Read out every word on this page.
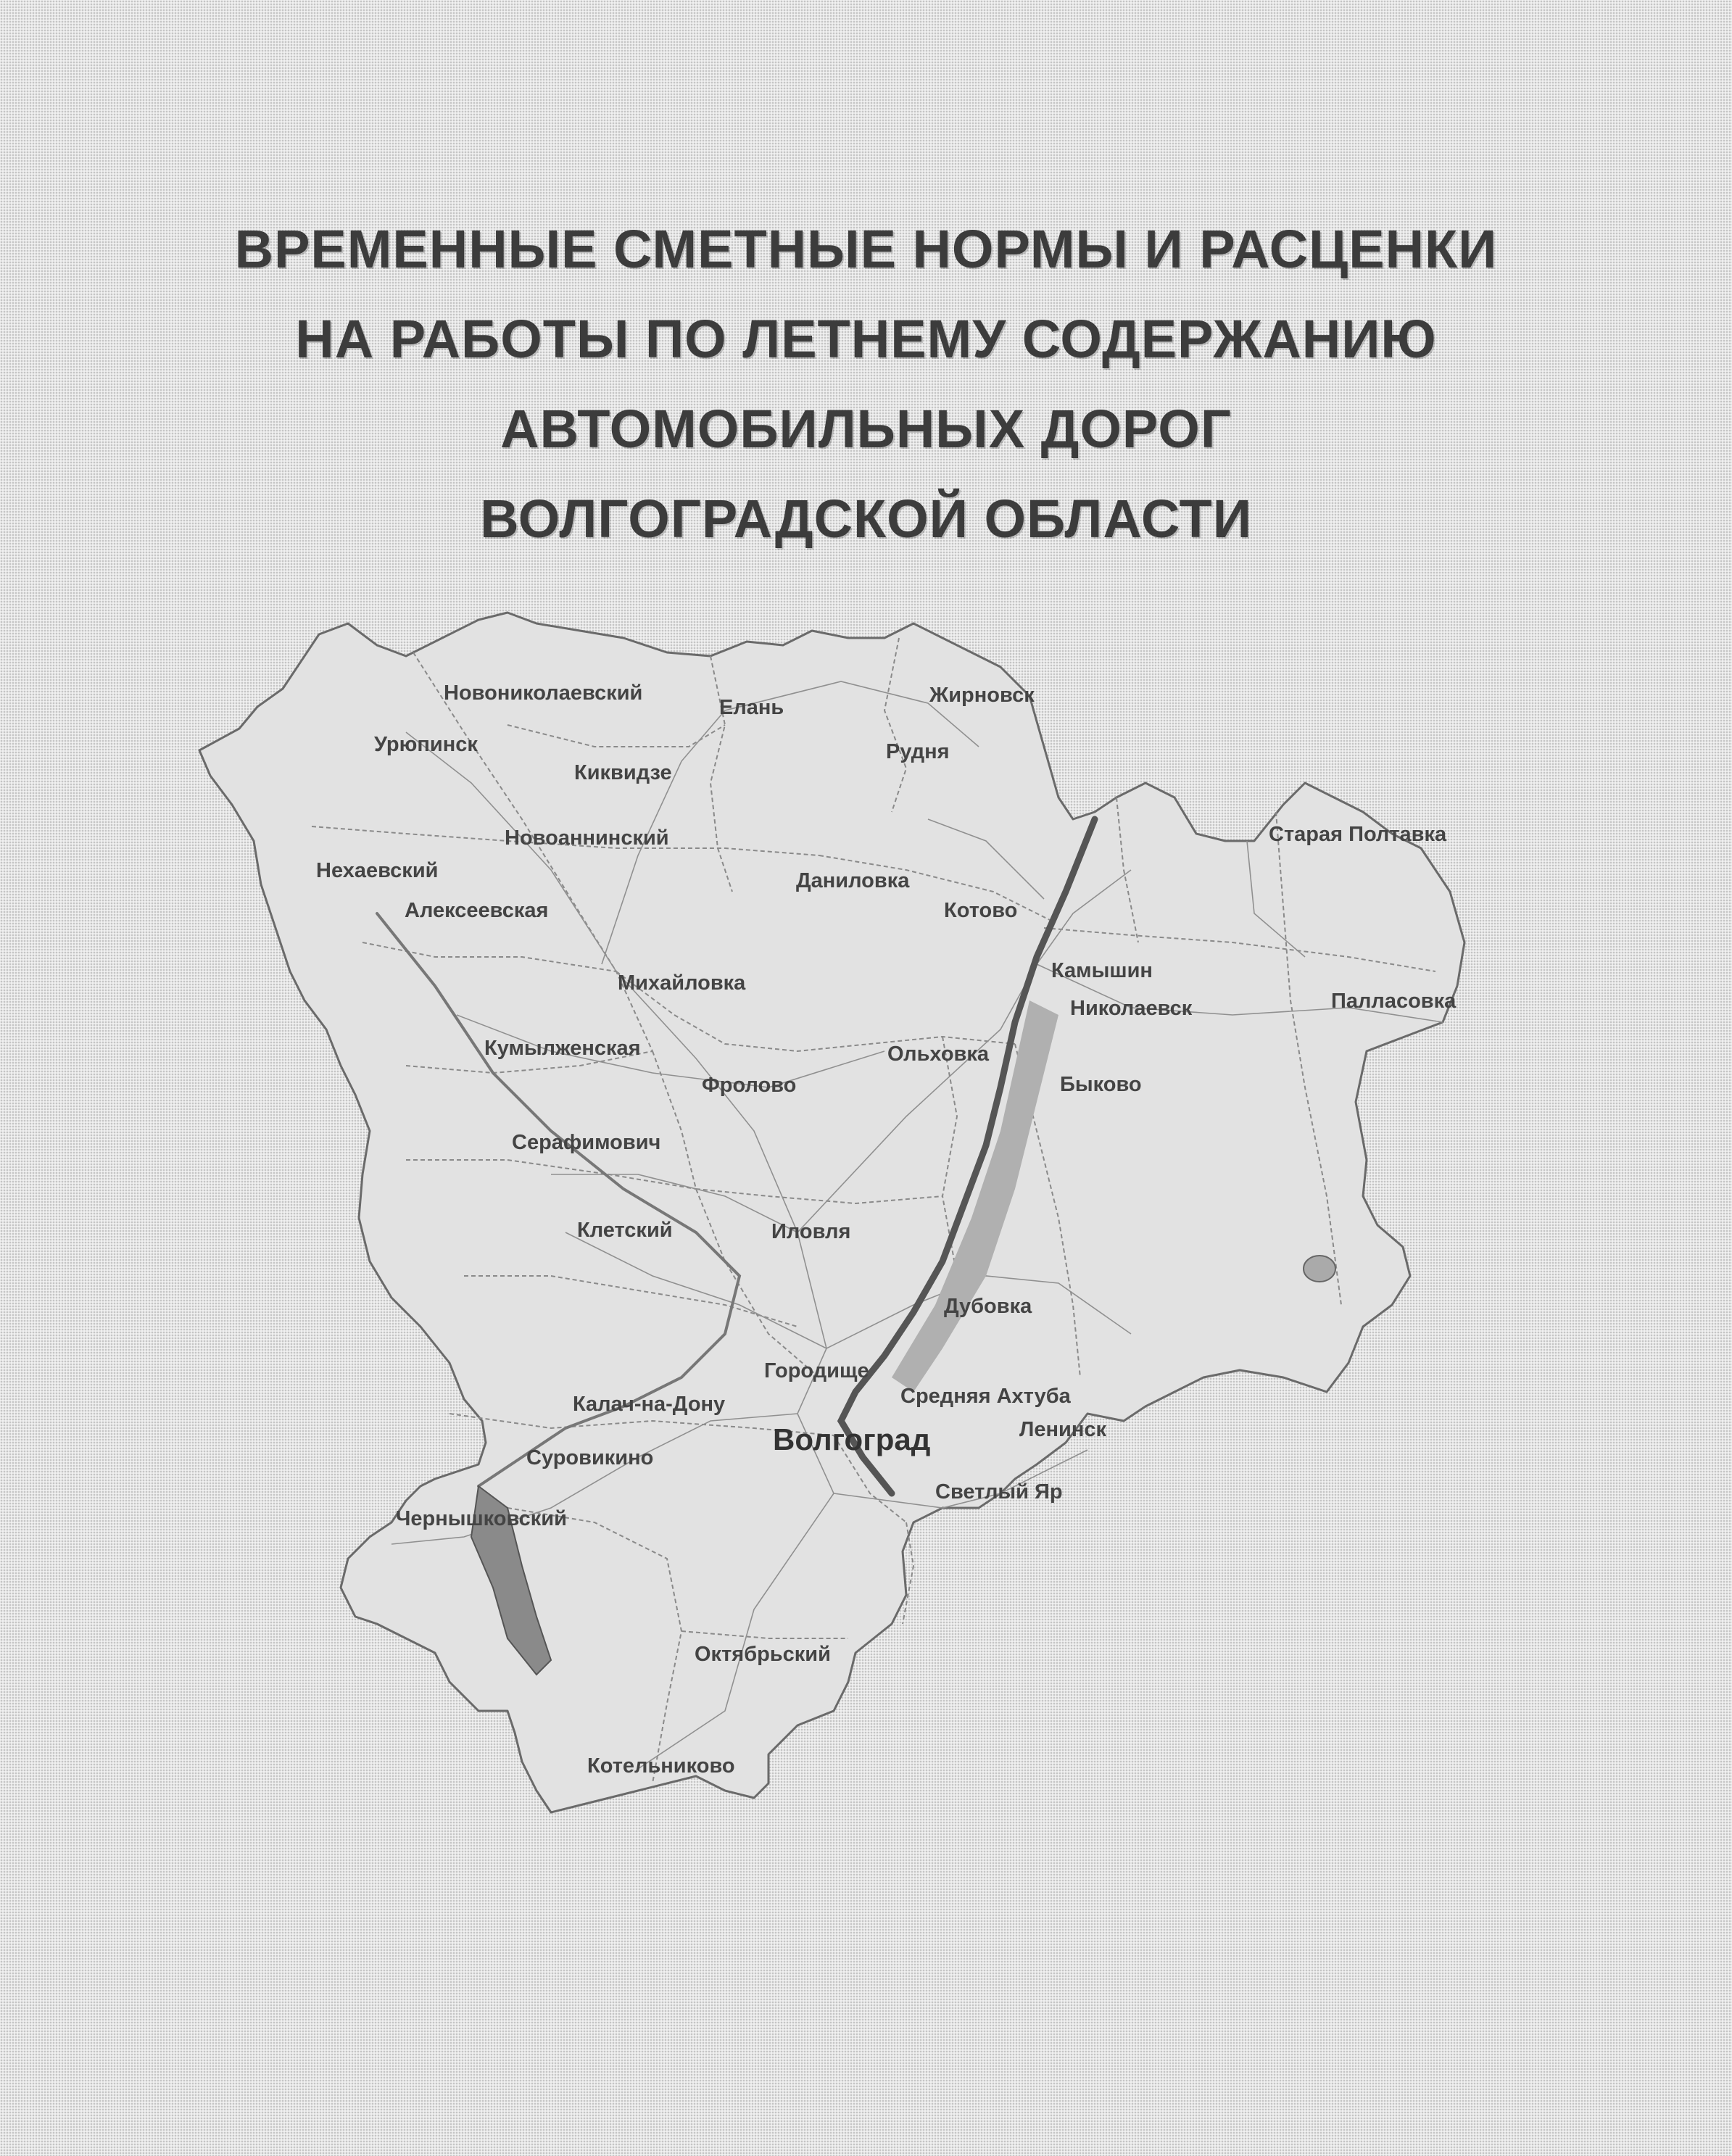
ВРЕМЕННЫЕ СМЕТНЫЕ НОРМЫ И РАСЦЕНКИ
НА РАБОТЫ ПО ЛЕТНЕМУ СОДЕРЖАНИЮ
АВТОМОБИЛЬНЫХ ДОРОГ
ВОЛГОГРАДСКОЙ ОБЛАСТИ
Новониколаевский
Елань
Жирновск
Урюпинск	Рудня
Киквидзе
Новоаннинский	Старая Полтавка
Нехаевский	Даниловка
Алексеевская	Котово
Камышин
Михайловка
Николаевск	Палласовка
Кумылженская	Ольховка
Фролово	Быково
Серафимович
Клетский	Иловля
Дубовка
Городище
Калач-на-Дону	Средняя Ахтуба
Ленинск
Волгоград
Суровикино
Светлый Яр
Чернышковский
Октябрьский
Котельниково
